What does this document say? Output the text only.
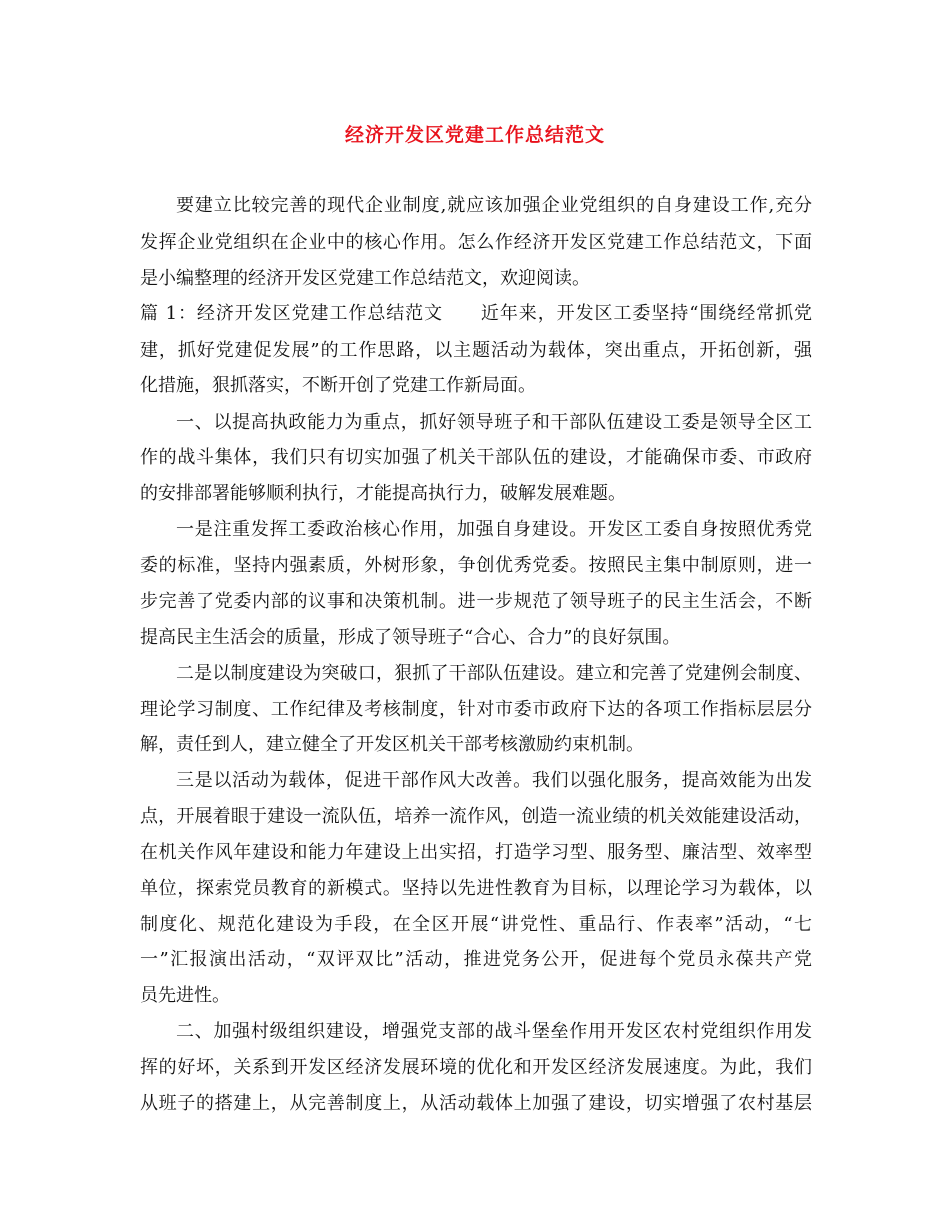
经济开发区党建工作总结范文
要建立比较完善的现代企业制度,就应该加强企业党组织的自身建设工作,充分
发挥企业党组织在企业中的核心作用。怎么作经济开发区党建工作总结范文，下面
是小编整理的经济开发区党建工作总结范文，欢迎阅读。
篇 1：经济开发区党建工作总结范文　　近年来，开发区工委坚持“围绕经常抓党
建，抓好党建促发展”的工作思路，以主题活动为载体，突出重点，开拓创新，强
化措施，狠抓落实，不断开创了党建工作新局面。
一、以提高执政能力为重点，抓好领导班子和干部队伍建设工委是领导全区工
作的战斗集体，我们只有切实加强了机关干部队伍的建设，才能确保市委、市政府
的安排部署能够顺利执行，才能提高执行力，破解发展难题。
一是注重发挥工委政治核心作用，加强自身建设。开发区工委自身按照优秀党
委的标准，坚持内强素质，外树形象，争创优秀党委。按照民主集中制原则，进一
步完善了党委内部的议事和决策机制。进一步规范了领导班子的民主生活会，不断
提高民主生活会的质量，形成了领导班子“合心、合力”的良好氛围。
二是以制度建设为突破口，狠抓了干部队伍建设。建立和完善了党建例会制度、
理论学习制度、工作纪律及考核制度，针对市委市政府下达的各项工作指标层层分
解，责任到人，建立健全了开发区机关干部考核激励约束机制。
三是以活动为载体，促进干部作风大改善。我们以强化服务，提高效能为出发
点，开展着眼于建设一流队伍，培养一流作风，创造一流业绩的机关效能建设活动，
在机关作风年建设和能力年建设上出实招，打造学习型、服务型、廉洁型、效率型
单位，探索党员教育的新模式。坚持以先进性教育为目标，以理论学习为载体，以
制度化、规范化建设为手段，在全区开展“讲党性、重品行、作表率”活动，“七
一”汇报演出活动，“双评双比”活动，推进党务公开，促进每个党员永葆共产党
员先进性。
二、加强村级组织建设，增强党支部的战斗堡垒作用开发区农村党组织作用发
挥的好坏，关系到开发区经济发展环境的优化和开发区经济发展速度。为此，我们
从班子的搭建上，从完善制度上，从活动载体上加强了建设，切实增强了农村基层
